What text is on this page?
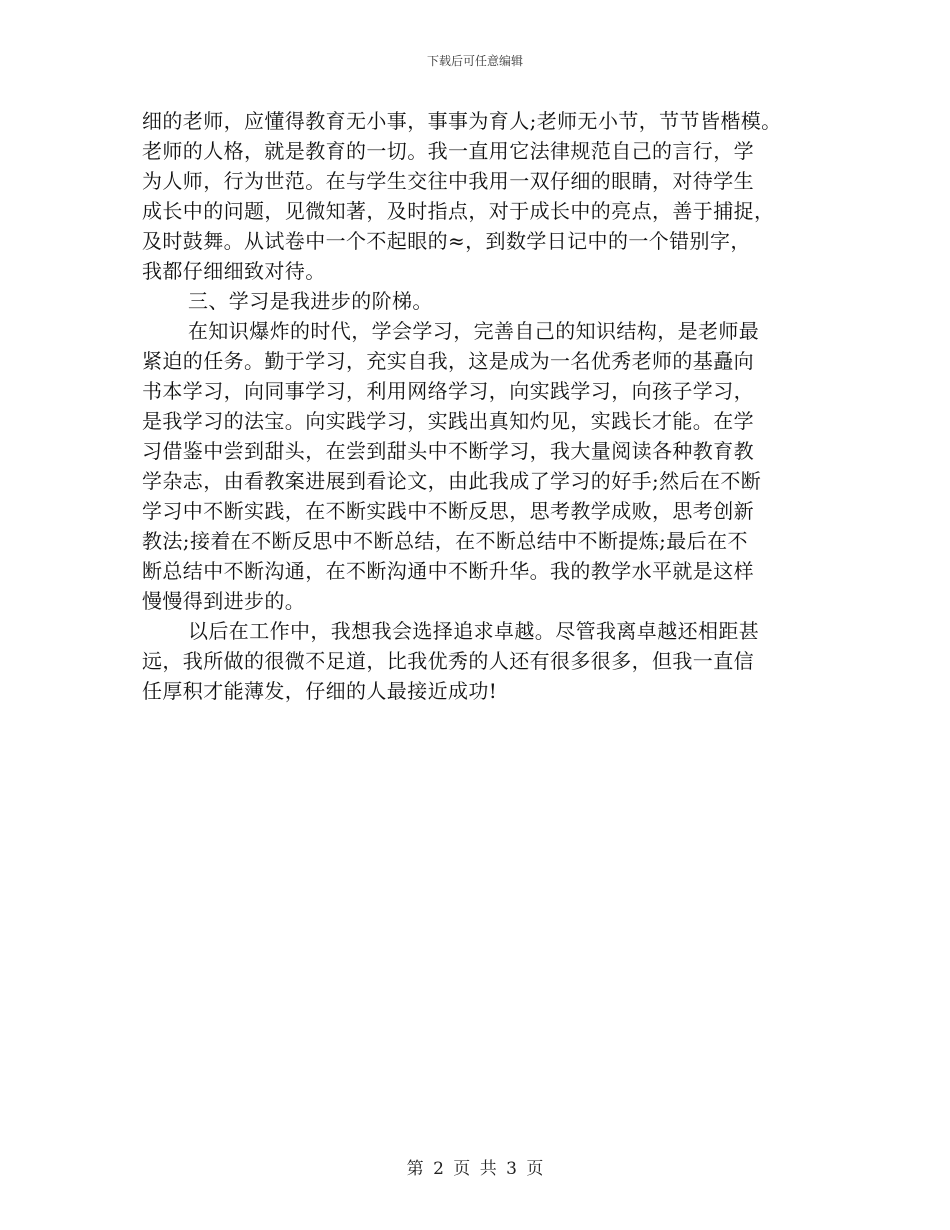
下载后可任意编辑
细的老师，应懂得教育无小事，事事为育人;老师无小节，节节皆楷模。
老师的人格，就是教育的一切。我一直用它法律规范自己的言行，学
为人师，行为世范。在与学生交往中我用一双仔细的眼睛，对待学生
成长中的问题，见微知著，及时指点，对于成长中的亮点，善于捕捉，
及时鼓舞。从试卷中一个不起眼的≈，到数学日记中的一个错别字，
我都仔细细致对待。
三、学习是我进步的阶梯。
在知识爆炸的时代，学会学习，完善自己的知识结构，是老师最
紧迫的任务。勤于学习，充实自我，这是成为一名优秀老师的基矗向
书本学习，向同事学习，利用网络学习，向实践学习，向孩子学习，
是我学习的法宝。向实践学习，实践出真知灼见，实践长才能。在学
习借鉴中尝到甜头，在尝到甜头中不断学习，我大量阅读各种教育教
学杂志，由看教案进展到看论文，由此我成了学习的好手;然后在不断
学习中不断实践，在不断实践中不断反思，思考教学成败，思考创新
教法;接着在不断反思中不断总结，在不断总结中不断提炼;最后在不
断总结中不断沟通，在不断沟通中不断升华。我的教学水平就是这样
慢慢得到进步的。
以后在工作中，我想我会选择追求卓越。尽管我离卓越还相距甚
远，我所做的很微不足道，比我优秀的人还有很多很多，但我一直信
任厚积才能薄发，仔细的人最接近成功!
第 2 页 共 3 页
